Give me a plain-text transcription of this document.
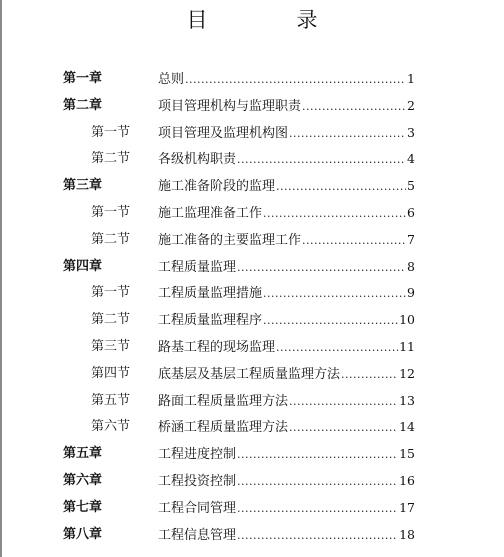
目　录
第一章	总则 .....	1
第二章	项目管理机构与监理职责 .....	2
第一节 项目管理及监理机构图 .....	3
第二节 各级机构职责 .....	4
第三章	施工准备阶段的监理 .....	5
第一节 施工监理准备工作 .....	6
第二节 施工准备的主要监理工作 .....	7
第四章	工程质量监理 .....	8
第一节 工程质量监理措施 .....	9
第二节 工程质量监理程序 .....	10
第三节 路基工程的现场监理 .....	11
第四节 底基层及基层工程质量监理方法 .....	12
第五节 路面工程质量监理方法 .....	13
第六节 桥涵工程质量监理方法 .....	14
第五章	工程进度控制 .....	15
第六章	工程投资控制 .....	16
第七章	工程合同管理 .....	17
第八章	工程信息管理 .....	18
